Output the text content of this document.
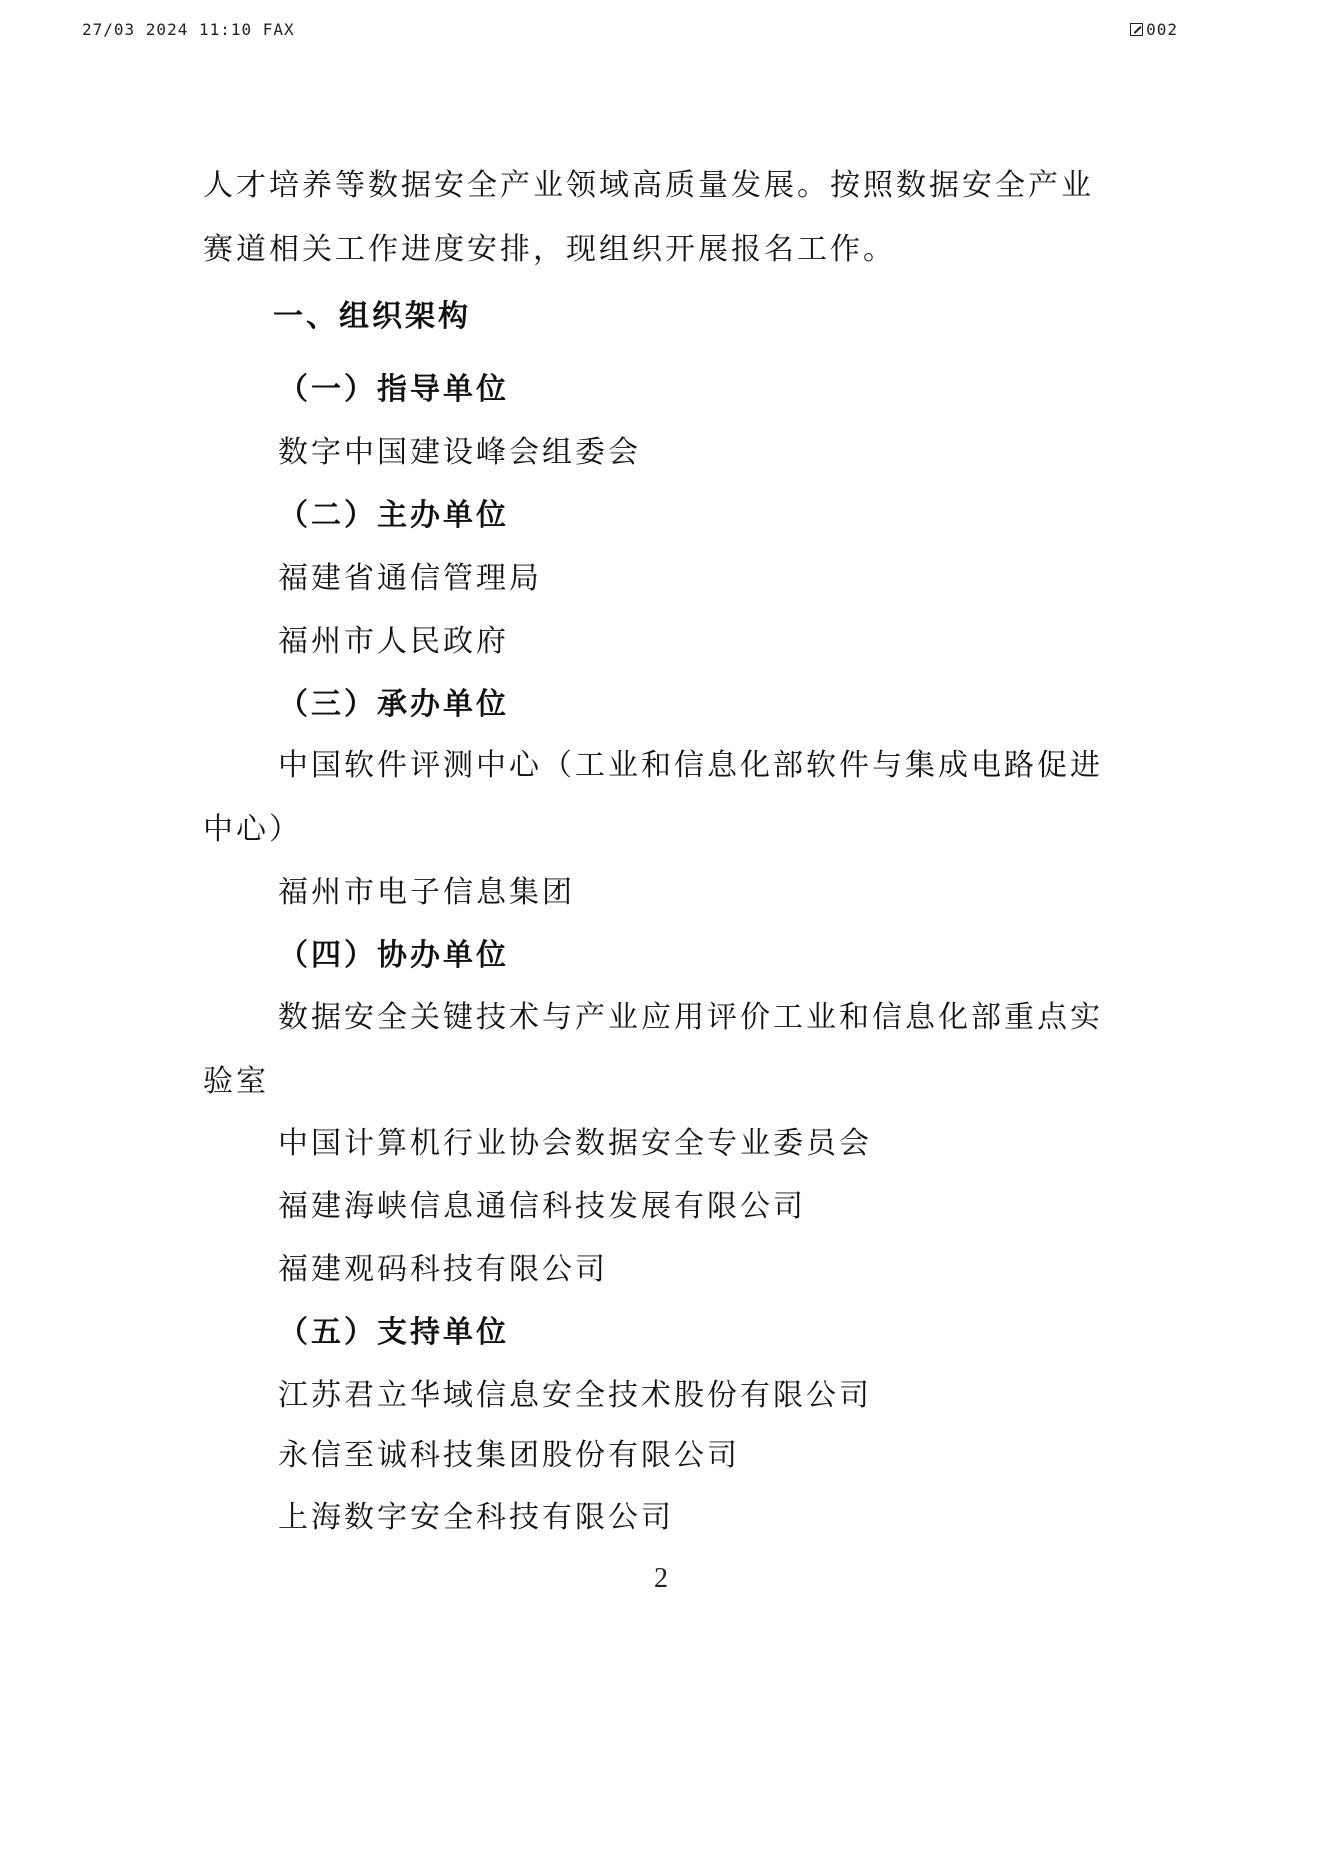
27/03 2024 11:10 FAX	002
人才培养等数据安全产业领域高质量发展。按照数据安全产业
赛道相关工作进度安排，现组织开展报名工作。
一、组织架构
（一）指导单位
数字中国建设峰会组委会
（二）主办单位
福建省通信管理局
福州市人民政府
（三）承办单位
中国软件评测中心（工业和信息化部软件与集成电路促进
中心）
福州市电子信息集团
（四）协办单位
数据安全关键技术与产业应用评价工业和信息化部重点实
验室
中国计算机行业协会数据安全专业委员会
福建海峡信息通信科技发展有限公司
福建观码科技有限公司
（五）支持单位
江苏君立华域信息安全技术股份有限公司
永信至诚科技集团股份有限公司
上海数字安全科技有限公司
2
